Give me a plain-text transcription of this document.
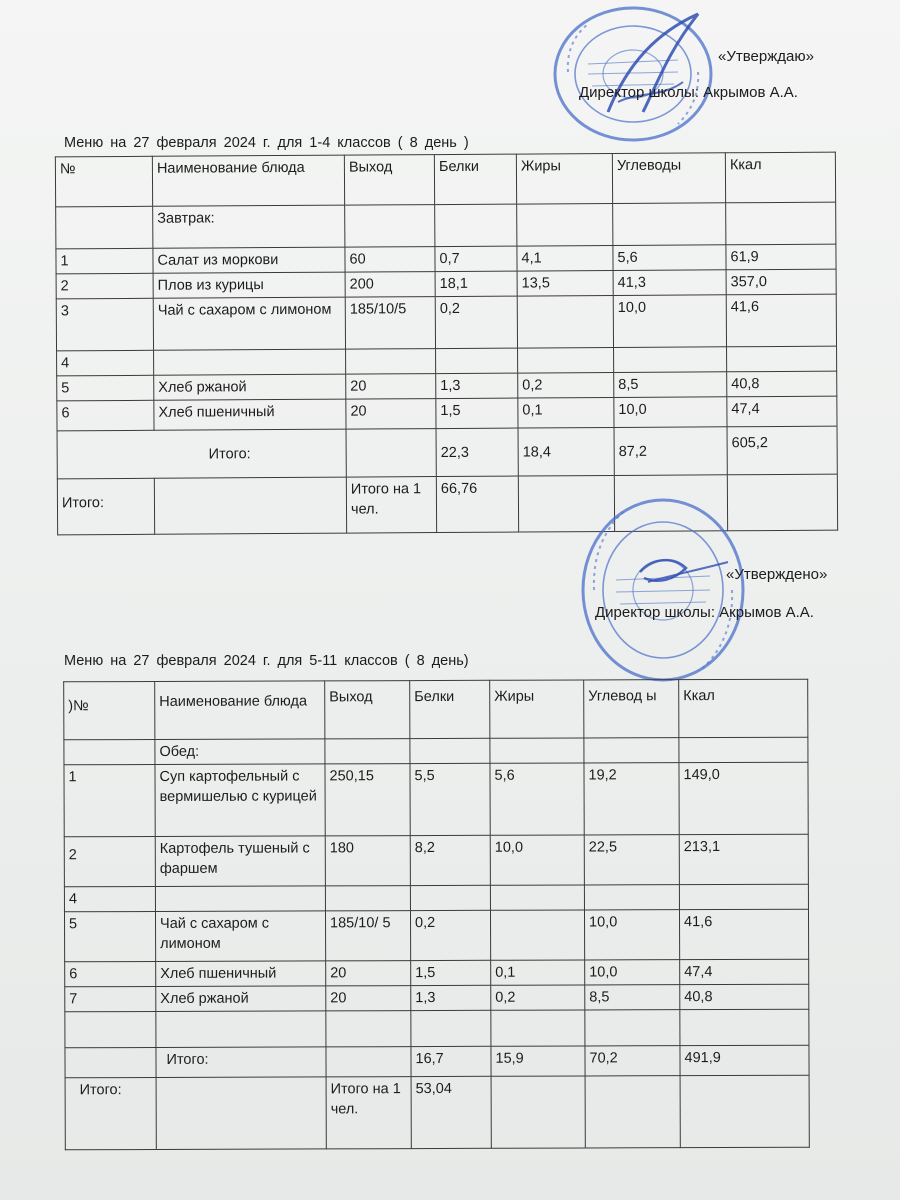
«Утверждаю»
Директор школы: Акрымов А.А.
Меню на 27 февраля 2024 г. для 1-4 классов ( 8 день )
№	Наименование блюда	Выход	Белки	Жиры	Углеводы	Ккал
	Завтрак:					
1	Салат из моркови	60	0,7	4,1	5,6	61,9
2	Плов из курицы	200	18,1	13,5	41,3	357,0
3	Чай с сахаром с лимоном	185/10/5	0,2		10,0	41,6
4						
5	Хлеб ржаной	20	1,3	0,2	8,5	40,8
6	Хлеб пшеничный	20	1,5	0,1	10,0	47,4
Итого:			22,3	18,4	87,2	605,2
Итого:		Итого на 1 чел.	66,76			
«Утверждено»
Директор школы: Акрымов А.А.
Меню на 27 февраля 2024 г. для 5-11 классов ( 8 день)
)№	Наименование блюда	Выход	Белки	Жиры	Углевод ы	Ккал
	Обед:					
1	Суп картофельный с вермишелью с курицей	250,15	5,5	5,6	19,2	149,0
2	Картофель тушеный с фаршем	180	8,2	10,0	22,5	213,1
4						
5	Чай с сахаром с лимоном	185/10/ 5	0,2		10,0	41,6
6	Хлеб пшеничный	20	1,5	0,1	10,0	47,4
7	Хлеб ржаной	20	1,3	0,2	8,5	40,8

	Итого:		16,7	15,9	70,2	491,9
Итого:		Итого на 1 чел.	53,04			
